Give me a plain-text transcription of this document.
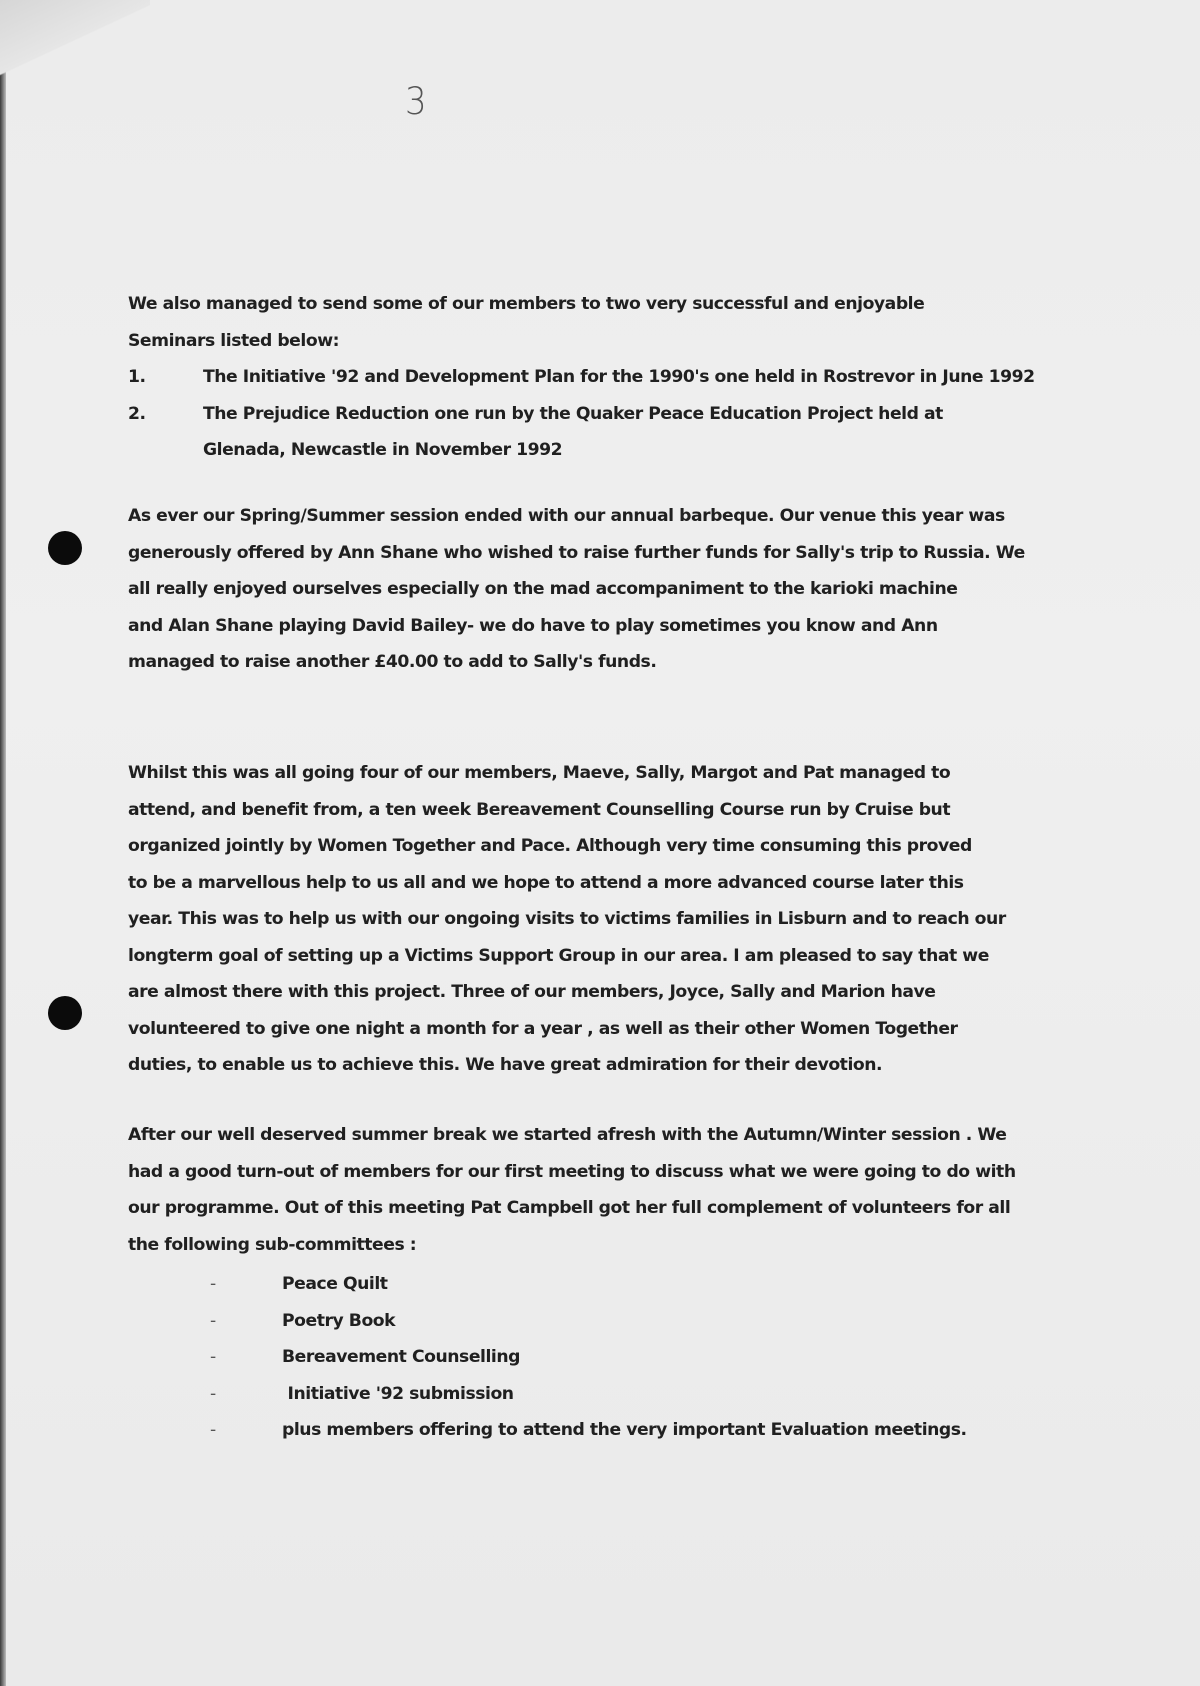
3
We also managed to send some of our members to two very successful and enjoyable
Seminars listed below:
1.	The Initiative '92 and Development Plan for the 1990's one held in Rostrevor in June 1992
2.	The Prejudice Reduction one run by the Quaker Peace Education Project held at
Glenada, Newcastle in November 1992
As ever our Spring/Summer session ended with our annual barbeque. Our venue this year was
generously offered by Ann Shane who wished to raise further funds for Sally's trip to Russia. We
all really enjoyed ourselves especially on the mad accompaniment to the karioki machine
and Alan Shane playing David Bailey- we do have to play sometimes you know and Ann
managed to raise another £40.00 to add to Sally's funds.
Whilst this was all going four of our members, Maeve, Sally, Margot and Pat managed to
attend, and benefit from, a ten week Bereavement Counselling Course run by Cruise but
organized jointly by Women Together and Pace. Although very time consuming this proved
to be a marvellous help to us all and we hope to attend a more advanced course later this
year. This was to help us with our ongoing visits to victims families in Lisburn and to reach our
longterm goal of setting up a Victims Support Group in our area. I am pleased to say that we
are almost there with this project. Three of our members, Joyce, Sally and Marion have
volunteered to give one night a month for a year , as well as their other Women Together
duties, to enable us to achieve this. We have great admiration for their devotion.
After our well deserved summer break we started afresh with the Autumn/Winter session . We
had a good turn-out of members for our first meeting to discuss what we were going to do with
our programme. Out of this meeting Pat Campbell got her full complement of volunteers for all
the following sub-committees :
-	Peace Quilt
-	Poetry Book
-	Bereavement Counselling
-	Initiative '92 submission
-	plus members offering to attend the very important Evaluation meetings.
